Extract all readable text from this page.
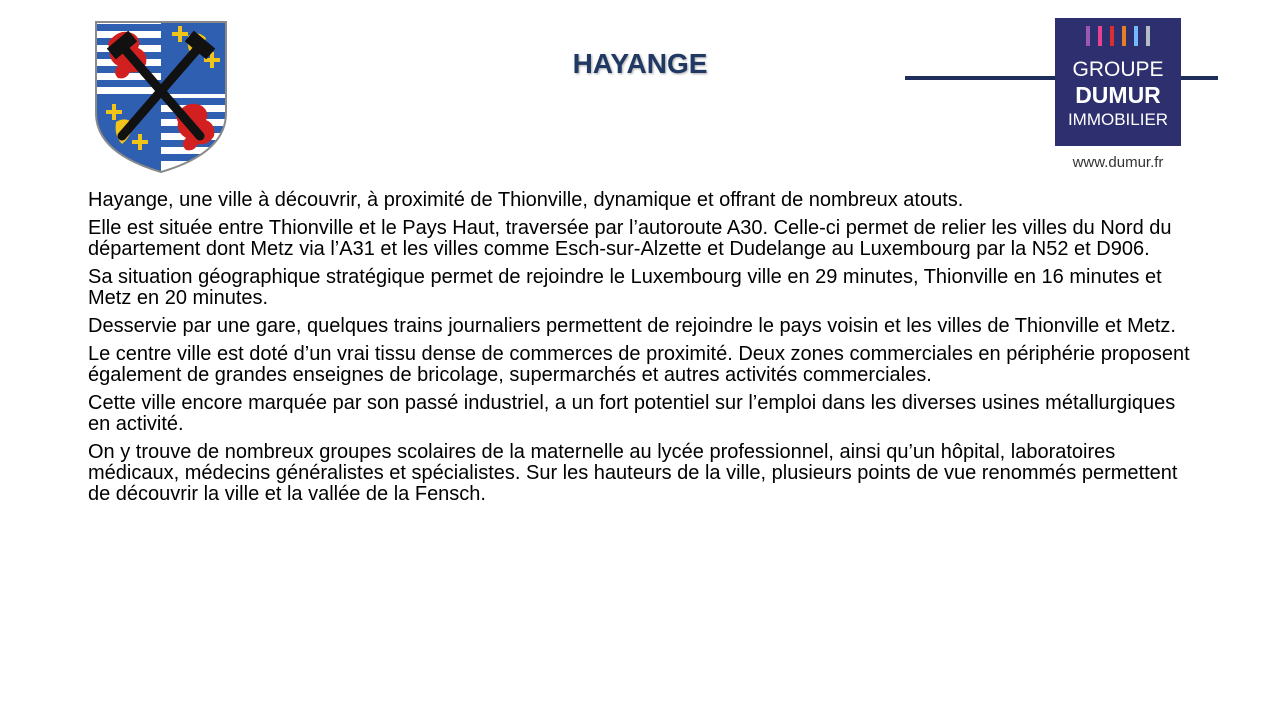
HAYANGE	GROUPE
DUMUR
IMMOBILIER
www.dumur.fr

Hayange, une ville à découvrir, à proximité de Thionville, dynamique et offrant de nombreux atouts.

Elle est située entre Thionville et le Pays Haut, traversée par l’autoroute A30. Celle-ci permet de relier les villes du Nord du département dont Metz via l’A31 et les villes comme Esch-sur-Alzette et Dudelange au Luxembourg par la N52 et D906.

Sa situation géographique stratégique permet de rejoindre le Luxembourg ville en 29 minutes, Thionville en 16 minutes et Metz en 20 minutes.

Desservie par une gare, quelques trains journaliers permettent de rejoindre le pays voisin et les villes de Thionville et Metz.

Le centre ville est doté d’un vrai tissu dense de commerces de proximité. Deux zones commerciales en périphérie proposent également de grandes enseignes de bricolage, supermarchés et autres activités commerciales.

Cette ville encore marquée par son passé industriel, a un fort potentiel sur l’emploi dans les diverses usines métallurgiques en activité.

On y trouve de nombreux groupes scolaires de la maternelle au lycée professionnel, ainsi qu’un hôpital, laboratoires médicaux, médecins généralistes et spécialistes. Sur les hauteurs de la ville, plusieurs points de vue renommés permettent de découvrir la ville et la vallée de la Fensch.
